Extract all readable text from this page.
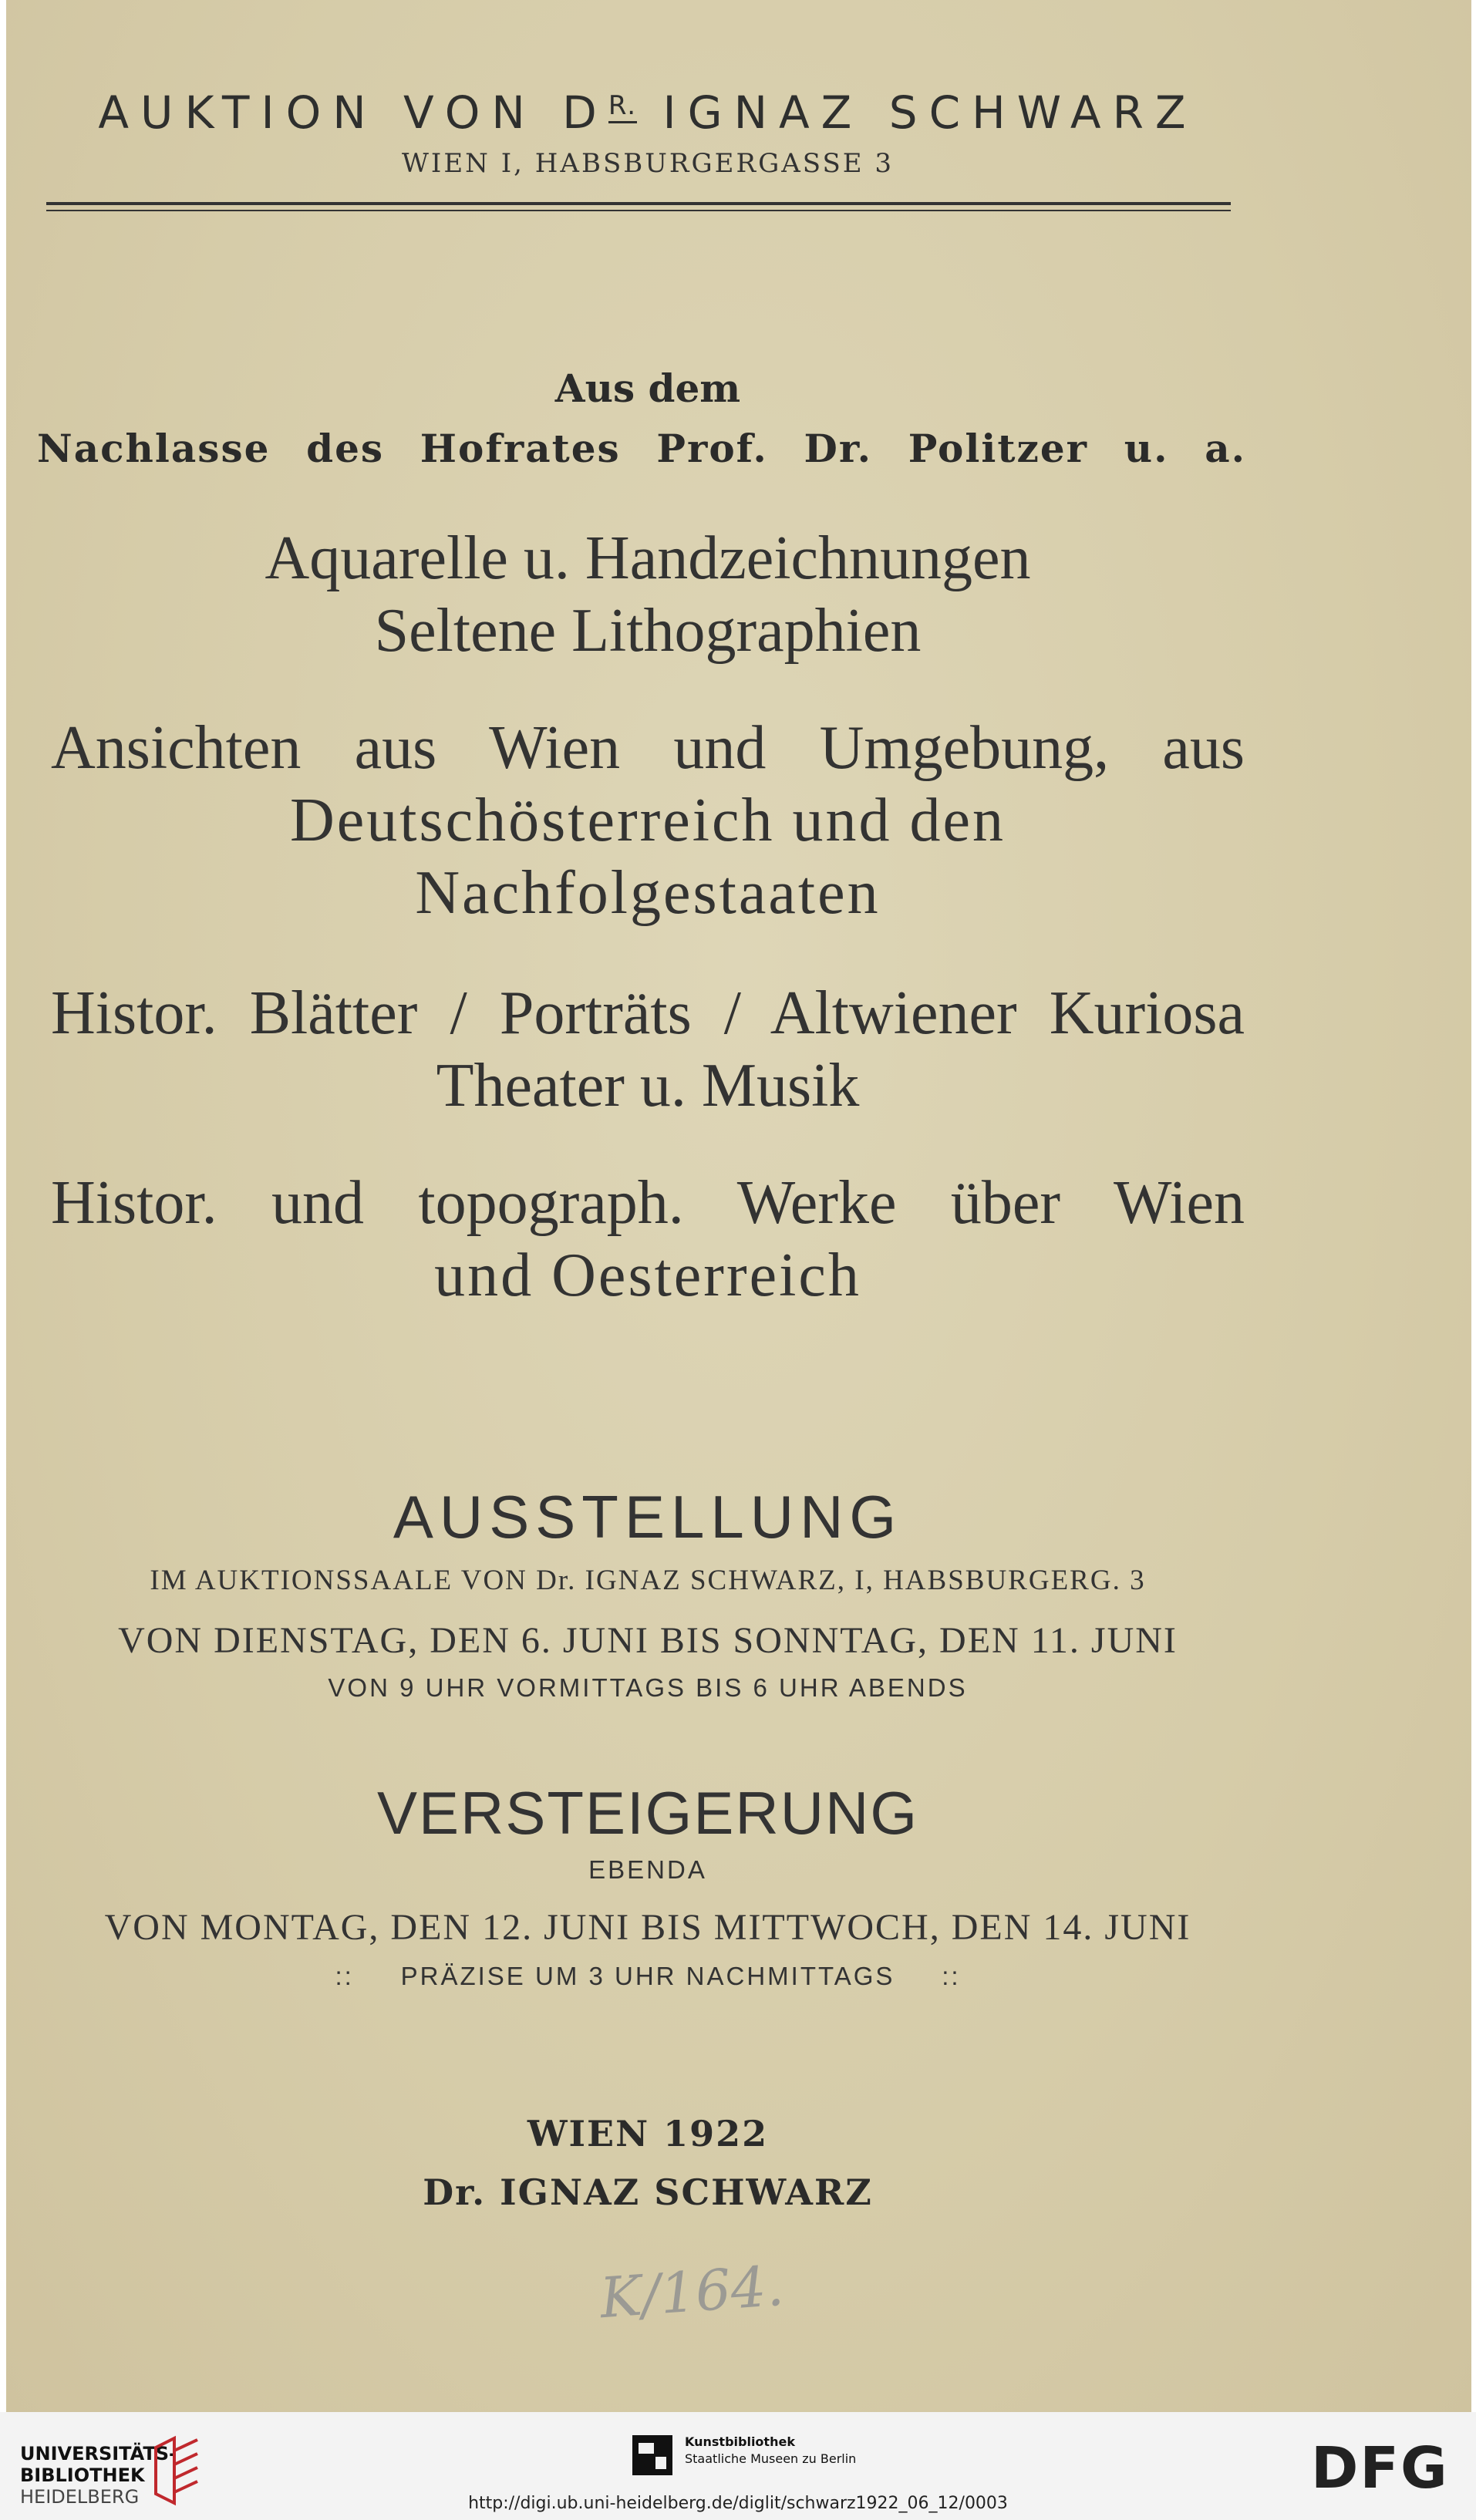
AUKTION VON $D^{R.}$ IGNAZ SCHWARZ
WIEN I, HABSBURGERGASSE 3
Aus dem
Nachlasse des Hofrates Prof. Dr. Politzer u. a.
Aquarelle u. Handzeichnungen
Seltene Lithographien
Ansichten aus Wien und Umgebung, aus
Deutschösterreich und den
Nachfolgestaaten
Histor. Blätter / Porträts / Altwiener Kuriosa
Theater u. Musik
Histor. und topograph. Werke über Wien
und Oesterreich
AUSSTELLUNG
IM AUKTIONSSAALE VON Dr. IGNAZ SCHWARZ, I, HABSBURGERG. 3
VON DIENSTAG, DEN 6. JUNI BIS SONNTAG, DEN 11. JUNI
VON 9 UHR VORMITTAGS BIS 6 UHR ABENDS
VERSTEIGERUNG
EBENDA
VON MONTAG, DEN 12. JUNI BIS MITTWOCH, DEN 14. JUNI
::     PRÄZISE UM 3 UHR NACHMITTAGS     ::
WIEN 1922
Dr. IGNAZ SCHWARZ
K/164.
UNIVERSITÄTS-
BIBLIOTHEK
HEIDELBERG
Kunstbibliothek
Staatliche Museen zu Berlin	DFG
http://digi.ub.uni-heidelberg.de/diglit/schwarz1922_06_12/0003
